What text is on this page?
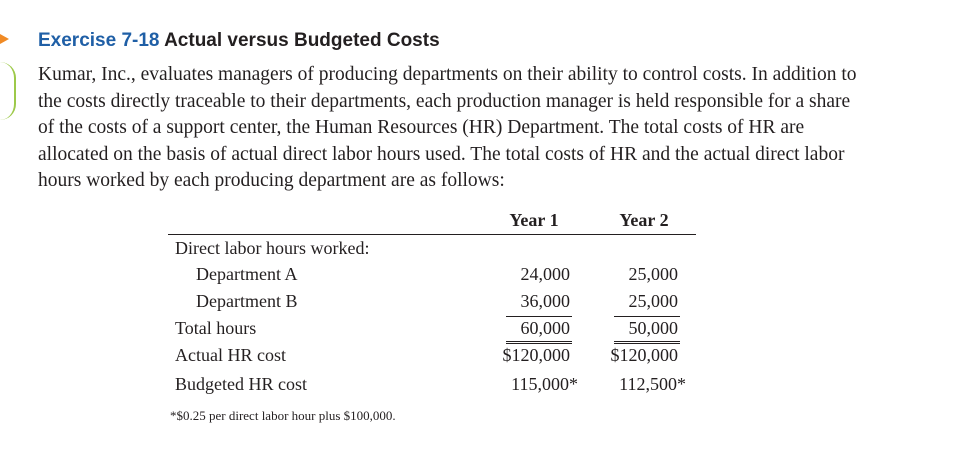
Exercise 7-18 Actual versus Budgeted Costs
Kumar, Inc., evaluates managers of producing departments on their ability to control costs. In addition to the costs directly traceable to their departments, each production manager is held responsible for a share of the costs of a support center, the Human Resources (HR) Department. The total costs of HR are allocated on the basis of actual direct labor hours used. The total costs of HR and the actual direct labor hours worked by each producing department are as follows:
Year 1	Year 2
Direct labor hours worked:
Department A	24,000	25,000
Department B	36,000	25,000
Total hours	60,000	50,000
Actual HR cost	$120,000	$120,000
Budgeted HR cost	115,000*	112,500*
*$0.25 per direct labor hour plus $100,000.
